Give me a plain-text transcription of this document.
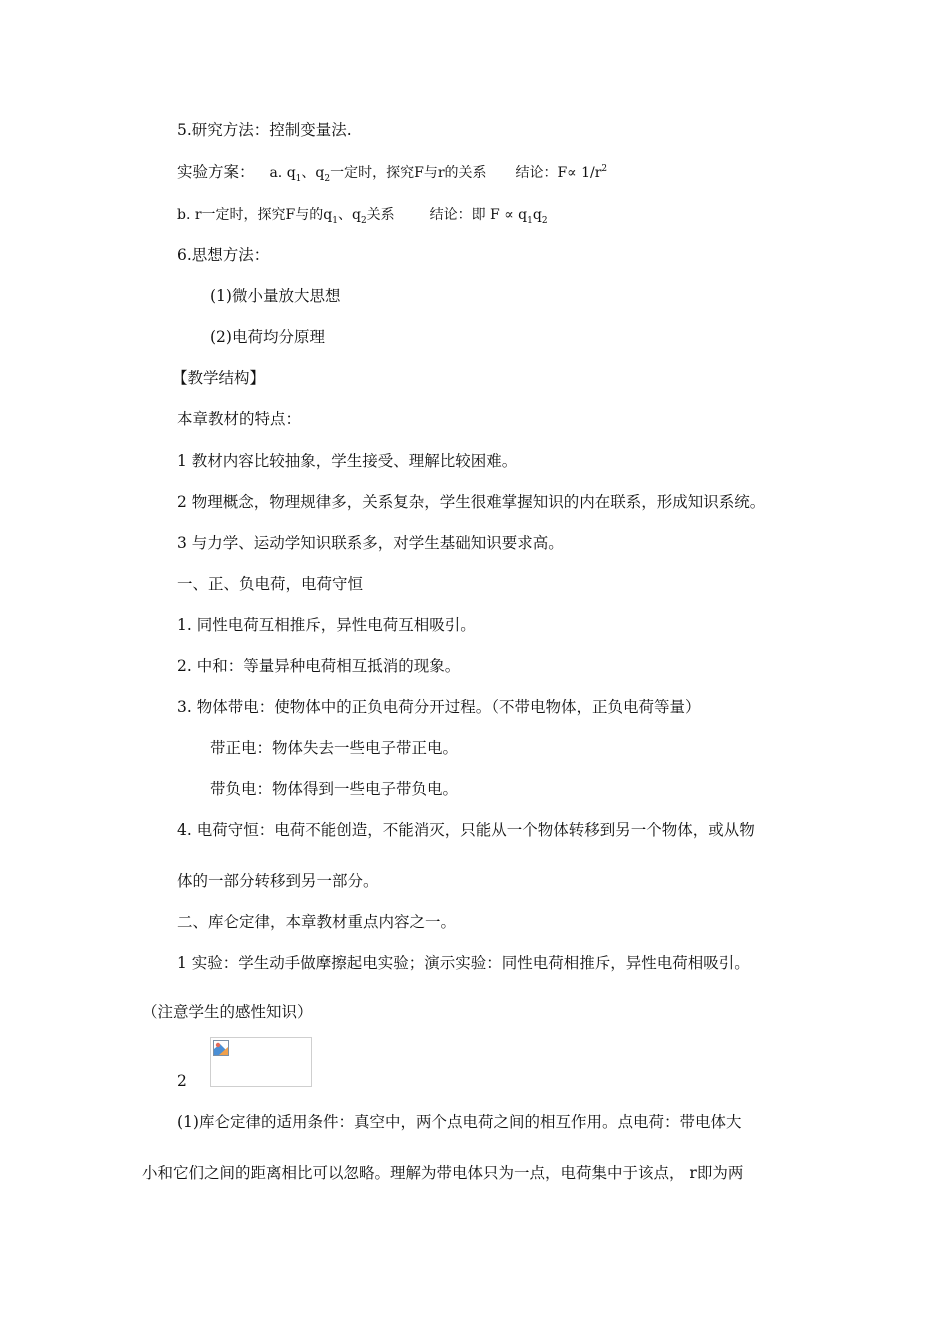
5.研究方法：控制变量法.
实验方案： a. $q_1$、$q_2$一定时，探究F与r的关系 结论：$F\propto 1/r^2$
b. r一定时，探究F与的$q_1$、$q_2$关系 结论：即 $F \propto q_1q_2$
6.思想方法：
(1)微小量放大思想
(2)电荷均分原理
【教学结构】
本章教材的特点：
1 教材内容比较抽象，学生接受、理解比较困难。
2 物理概念，物理规律多，关系复杂，学生很难掌握知识的内在联系，形成知识系统。
3 与力学、运动学知识联系多，对学生基础知识要求高。
一、正、负电荷，电荷守恒
1. 同性电荷互相推斥，异性电荷互相吸引。
2. 中和：等量异种电荷相互抵消的现象。
3. 物体带电：使物体中的正负电荷分开过程。（不带电物体，正负电荷等量）
带正电：物体失去一些电子带正电。
带负电：物体得到一些电子带负电。
4. 电荷守恒：电荷不能创造，不能消灭，只能从一个物体转移到另一个物体，或从物
体的一部分转移到另一部分。
二、库仑定律，本章教材重点内容之一。
1 实验：学生动手做摩擦起电实验；演示实验：同性电荷相推斥，异性电荷相吸引。
（注意学生的感性知识）
2
(1)库仑定律的适用条件：真空中，两个点电荷之间的相互作用。点电荷：带电体大
小和它们之间的距离相比可以忽略。理解为带电体只为一点，电荷集中于该点， r即为两
